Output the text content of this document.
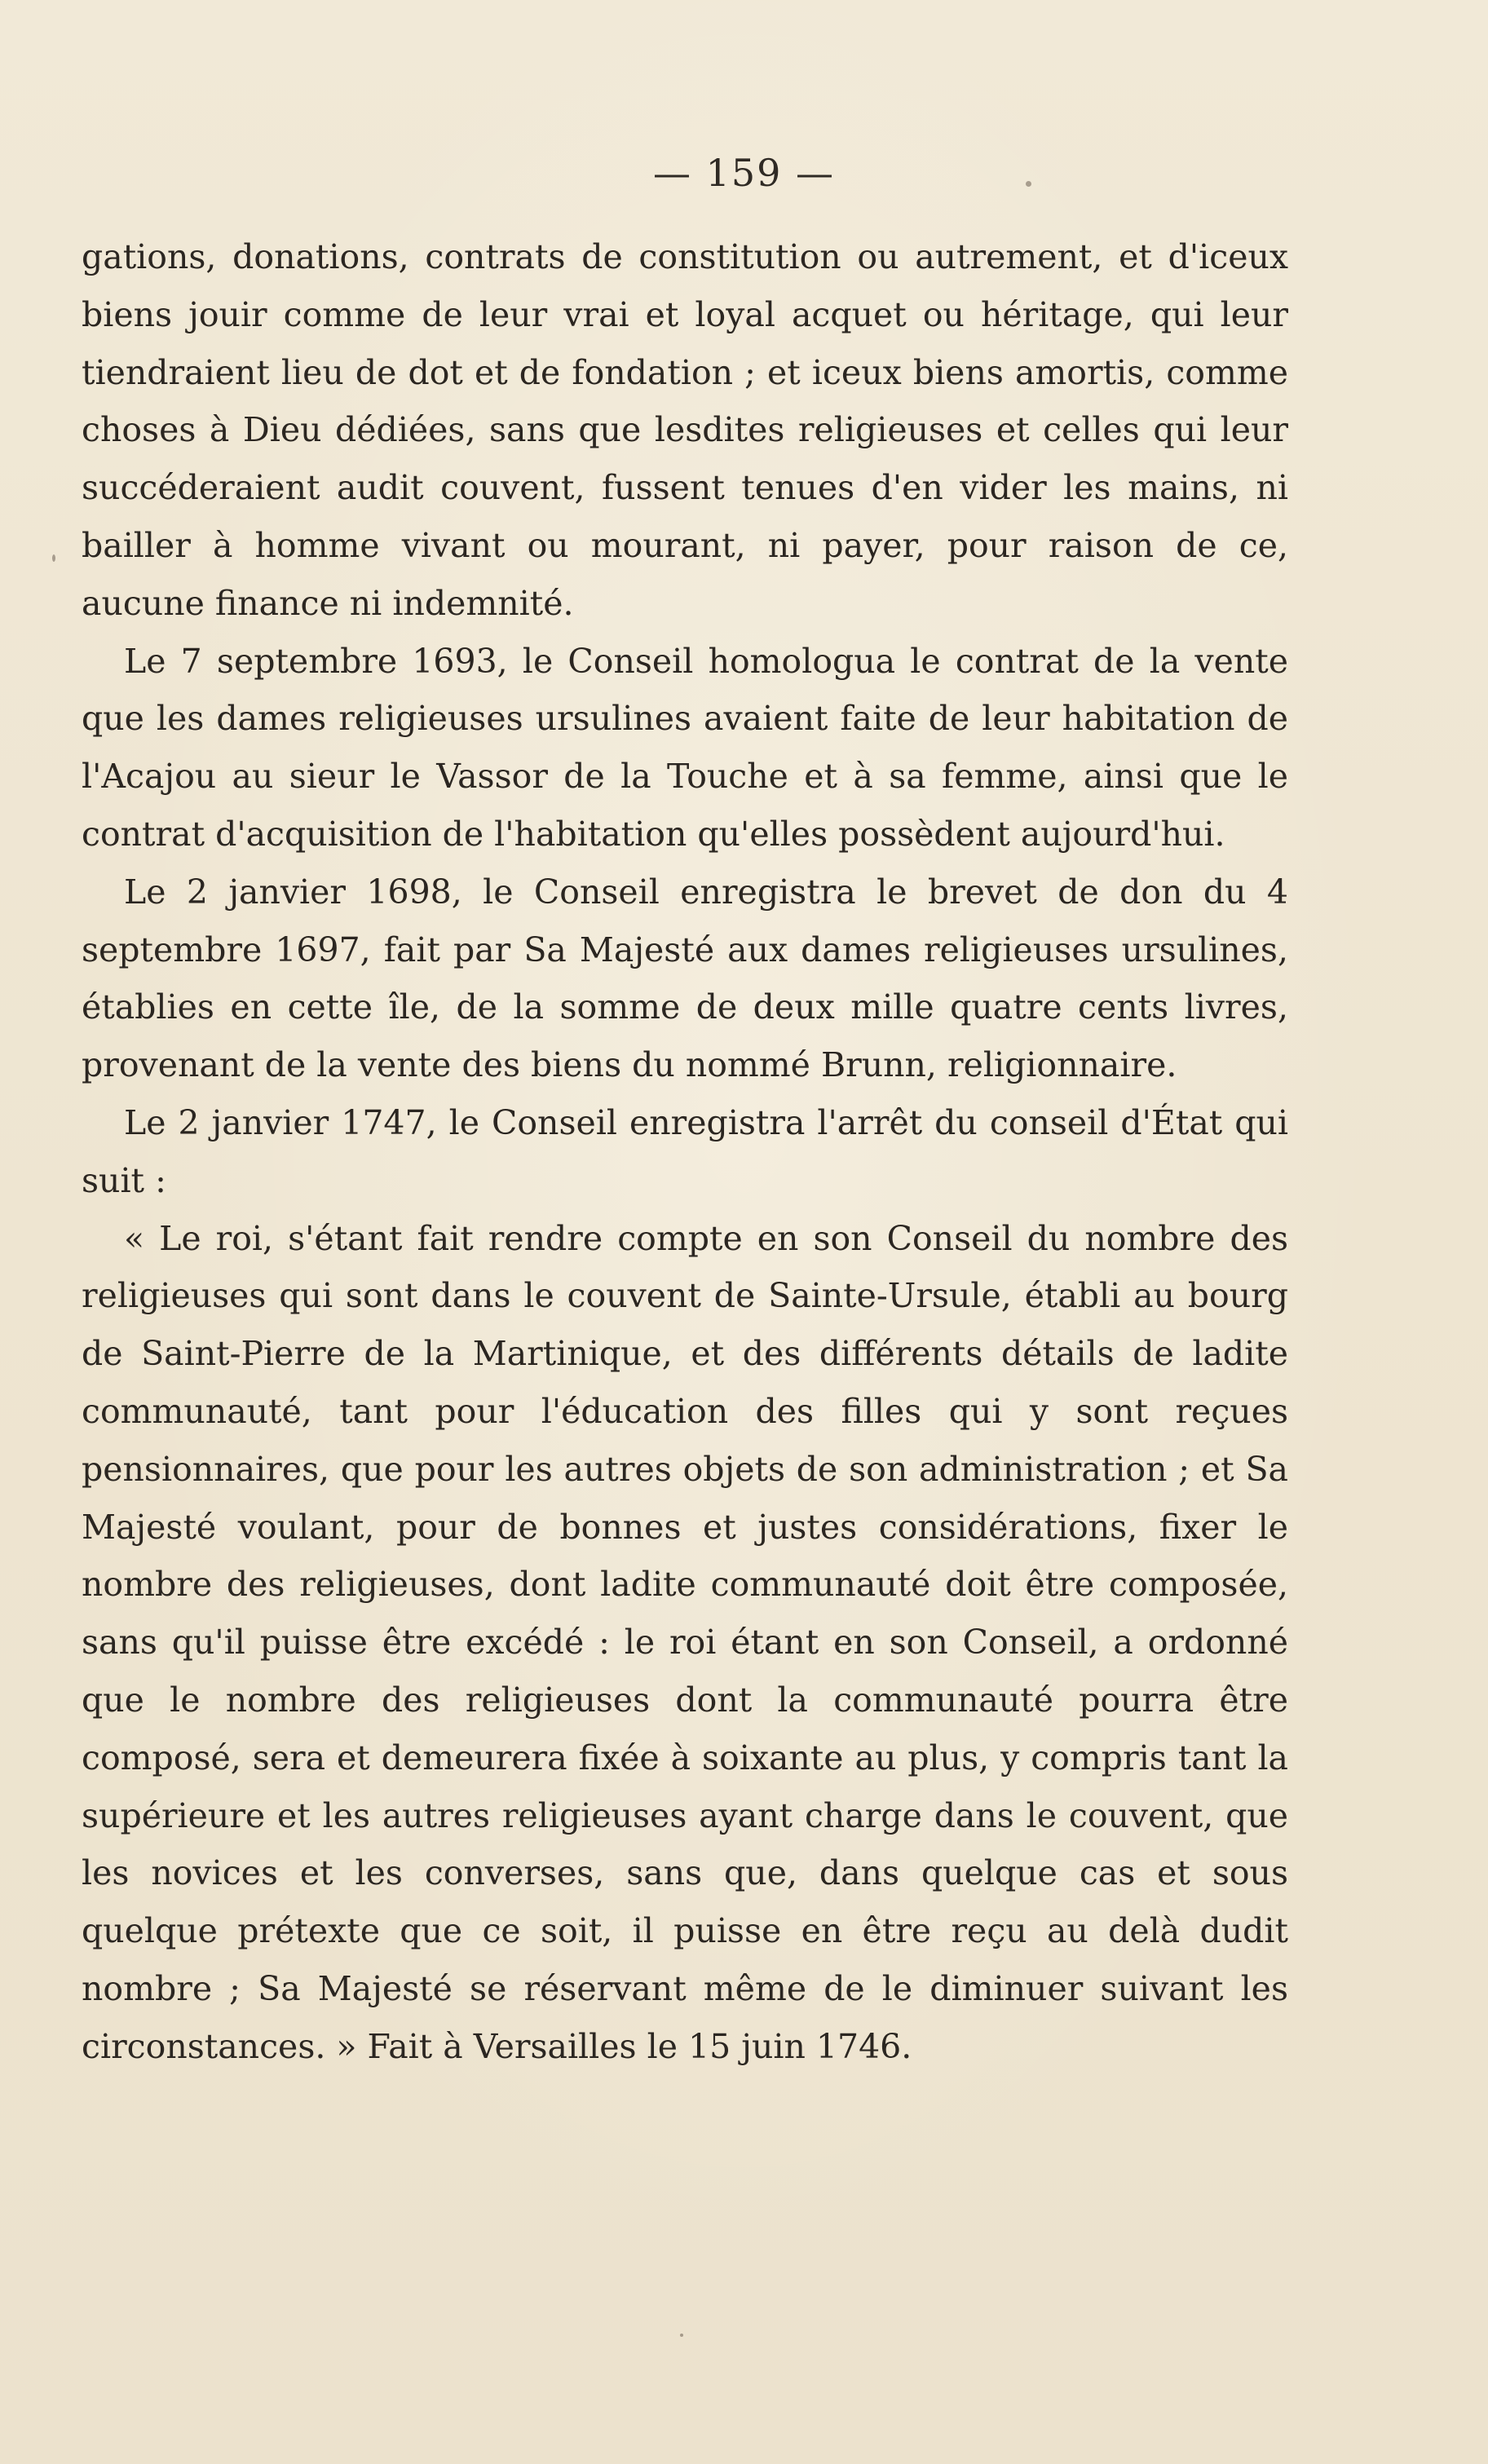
— 159 —

gations, donations, contrats de constitution ou autrement, et d'iceux biens jouir comme de leur vrai et loyal acquet ou héritage, qui leur tiendraient lieu de dot et de fondation ; et iceux biens amortis, comme choses à Dieu dédiées, sans que lesdites religieuses et celles qui leur succéderaient audit couvent, fussent tenues d'en vider les mains, ni bailler à homme vivant ou mourant, ni payer, pour raison de ce, aucune finance ni indemnité.

Le 7 septembre 1693, le Conseil homologua le contrat de la vente que les dames religieuses ursulines avaient faite de leur habitation de l'Acajou au sieur le Vassor de la Touche et à sa femme, ainsi que le contrat d'acquisition de l'habitation qu'elles possèdent aujourd'hui.

Le 2 janvier 1698, le Conseil enregistra le brevet de don du 4 septembre 1697, fait par Sa Majesté aux dames religieuses ursulines, établies en cette île, de la somme de deux mille quatre cents livres, provenant de la vente des biens du nommé Brunn, religionnaire.

Le 2 janvier 1747, le Conseil enregistra l'arrêt du conseil d'État qui suit :

« Le roi, s'étant fait rendre compte en son Conseil du nombre des religieuses qui sont dans le couvent de Sainte-Ursule, établi au bourg de Saint-Pierre de la Martinique, et des différents détails de ladite communauté, tant pour l'éducation des filles qui y sont reçues pensionnaires, que pour les autres objets de son administration ; et Sa Majesté voulant, pour de bonnes et justes considérations, fixer le nombre des religieuses, dont ladite communauté doit être composée, sans qu'il puisse être excédé : le roi étant en son Conseil, a ordonné que le nombre des religieuses dont la communauté pourra être composé, sera et demeurera fixée à soixante au plus, y compris tant la supérieure et les autres religieuses ayant charge dans le couvent, que les novices et les converses, sans que, dans quelque cas et sous quelque prétexte que ce soit, il puisse en être reçu au delà dudit nombre ; Sa Majesté se réservant même de le diminuer suivant les circonstances. » Fait à Versailles le 15 juin 1746.
